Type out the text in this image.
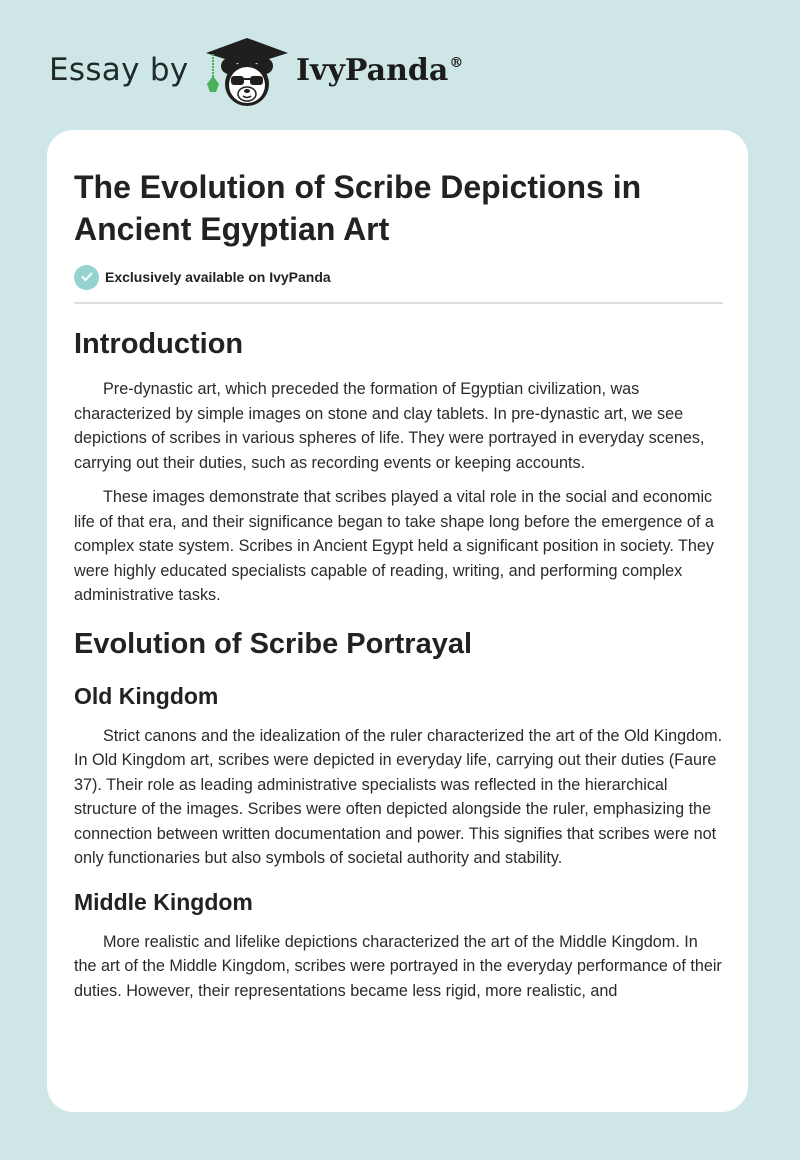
Essay by	IvyPanda®
The Evolution of Scribe Depictions in Ancient Egyptian Art
Exclusively available on IvyPanda
Introduction

Pre-dynastic art, which preceded the formation of Egyptian civilization, was characterized by simple images on stone and clay tablets. In pre-dynastic art, we see depictions of scribes in various spheres of life. They were portrayed in everyday scenes, carrying out their duties, such as recording events or keeping accounts.

These images demonstrate that scribes played a vital role in the social and economic life of that era, and their significance began to take shape long before the emergence of a complex state system. Scribes in Ancient Egypt held a significant position in society. They were highly educated specialists capable of reading, writing, and performing complex administrative tasks.

Evolution of Scribe Portrayal
Old Kingdom

Strict canons and the idealization of the ruler characterized the art of the Old Kingdom. In Old Kingdom art, scribes were depicted in everyday life, carrying out their duties (Faure 37). Their role as leading administrative specialists was reflected in the hierarchical structure of the images. Scribes were often depicted alongside the ruler, emphasizing the connection between written documentation and power. This signifies that scribes were not only functionaries but also symbols of societal authority and stability.

Middle Kingdom

More realistic and lifelike depictions characterized the art of the Middle Kingdom. In the art of the Middle Kingdom, scribes were portrayed in the everyday performance of their duties. However, their representations became less rigid, more realistic, and
